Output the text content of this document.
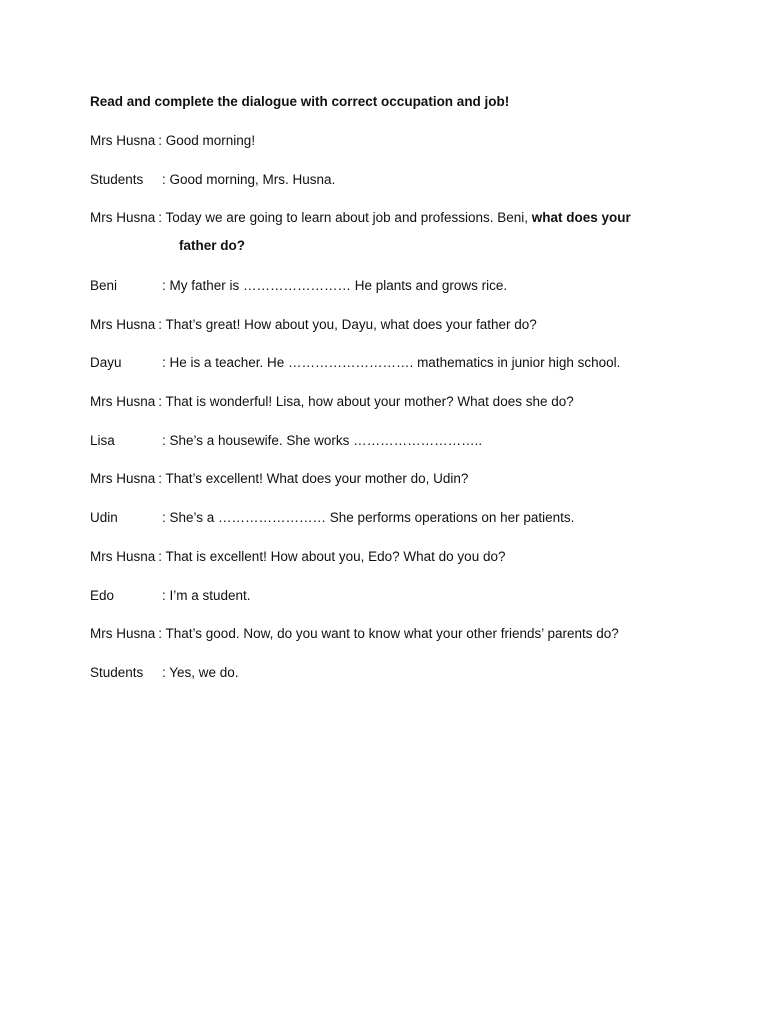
Read and complete the dialogue with correct occupation and job!
Mrs Husna : Good morning!
Students : Good morning, Mrs. Husna.
Mrs Husna : Today we are going to learn about job and professions. Beni, what does your
father do?
Beni	: My father is …………………… He plants and grows rice.
Mrs Husna : That’s great! How about you, Dayu, what does your father do?
Dayu	: He is a teacher. He ………………………. mathematics in junior high school.
Mrs Husna : That is wonderful! Lisa, how about your mother? What does she do?
Lisa	: She’s a housewife. She works ………………………..
Mrs Husna : That’s excellent! What does your mother do, Udin?
Udin	: She’s a …………………… She performs operations on her patients.
Mrs Husna : That is excellent! How about you, Edo? What do you do?
Edo	: I’m a student.
Mrs Husna : That’s good. Now, do you want to know what your other friends’ parents do?
Students : Yes, we do.
